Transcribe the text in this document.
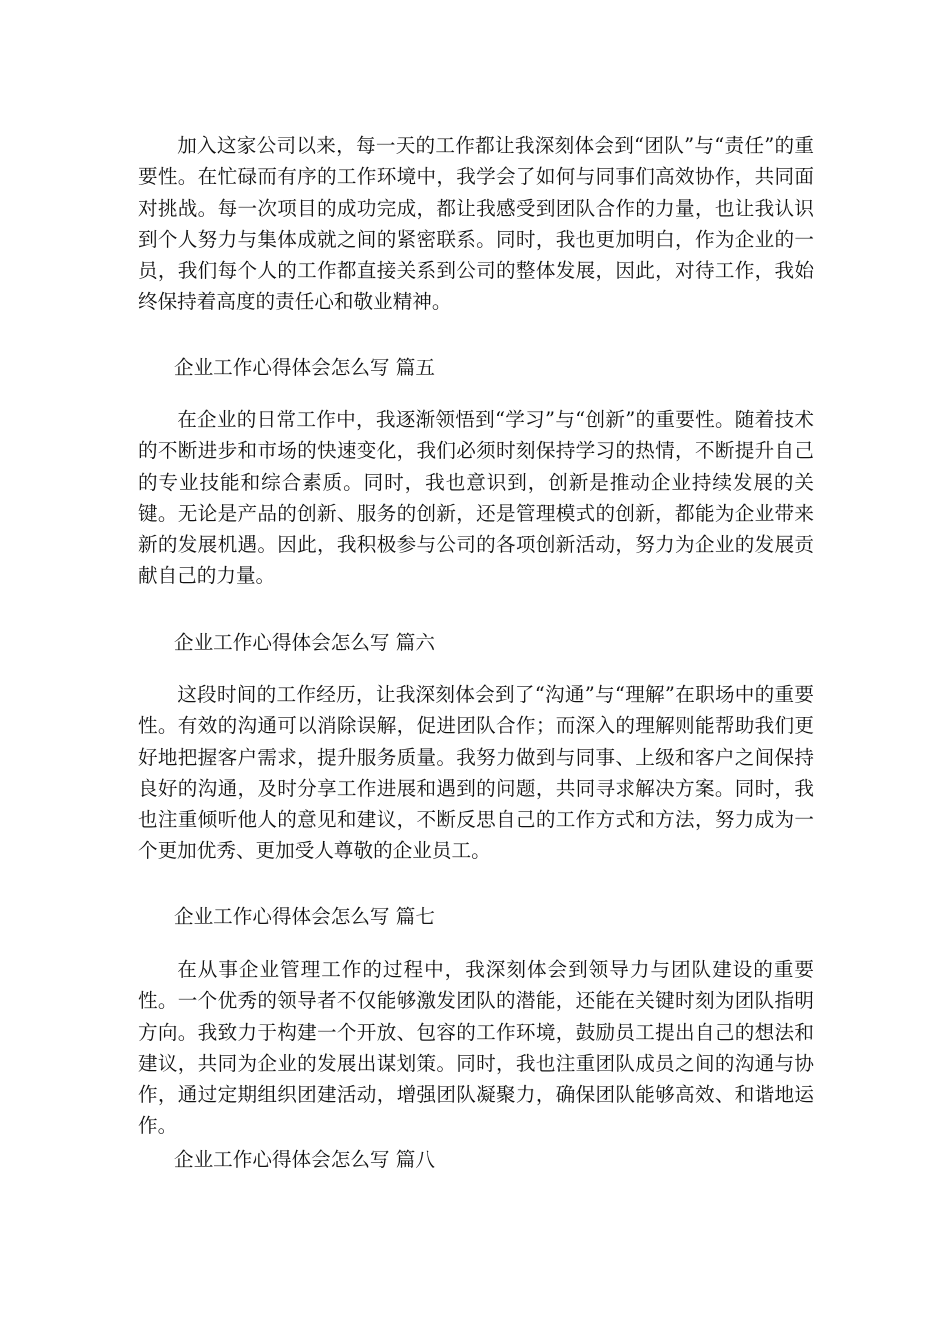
加入这家公司以来，每一天的工作都让我深刻体会到“团队”与“责任”的重要性。在忙碌而有序的工作环境中，我学会了如何与同事们高效协作，共同面对挑战。每一次项目的成功完成，都让我感受到团队合作的力量，也让我认识到个人努力与集体成就之间的紧密联系。同时，我也更加明白，作为企业的一员，我们每个人的工作都直接关系到公司的整体发展，因此，对待工作，我始终保持着高度的责任心和敬业精神。

企业工作心得体会怎么写 篇五

在企业的日常工作中，我逐渐领悟到“学习”与“创新”的重要性。随着技术的不断进步和市场的快速变化，我们必须时刻保持学习的热情，不断提升自己的专业技能和综合素质。同时，我也意识到，创新是推动企业持续发展的关键。无论是产品的创新、服务的创新，还是管理模式的创新，都能为企业带来新的发展机遇。因此，我积极参与公司的各项创新活动，努力为企业的发展贡献自己的力量。

企业工作心得体会怎么写 篇六

这段时间的工作经历，让我深刻体会到了“沟通”与“理解”在职场中的重要性。有效的沟通可以消除误解，促进团队合作；而深入的理解则能帮助我们更好地把握客户需求，提升服务质量。我努力做到与同事、上级和客户之间保持良好的沟通，及时分享工作进展和遇到的问题，共同寻求解决方案。同时，我也注重倾听他人的意见和建议，不断反思自己的工作方式和方法，努力成为一个更加优秀、更加受人尊敬的企业员工。

企业工作心得体会怎么写 篇七

在从事企业管理工作的过程中，我深刻体会到领导力与团队建设的重要性。一个优秀的领导者不仅能够激发团队的潜能，还能在关键时刻为团队指明方向。我致力于构建一个开放、包容的工作环境，鼓励员工提出自己的想法和建议，共同为企业的发展出谋划策。同时，我也注重团队成员之间的沟通与协作，通过定期组织团建活动，增强团队凝聚力，确保团队能够高效、和谐地运作。

企业工作心得体会怎么写 篇八
